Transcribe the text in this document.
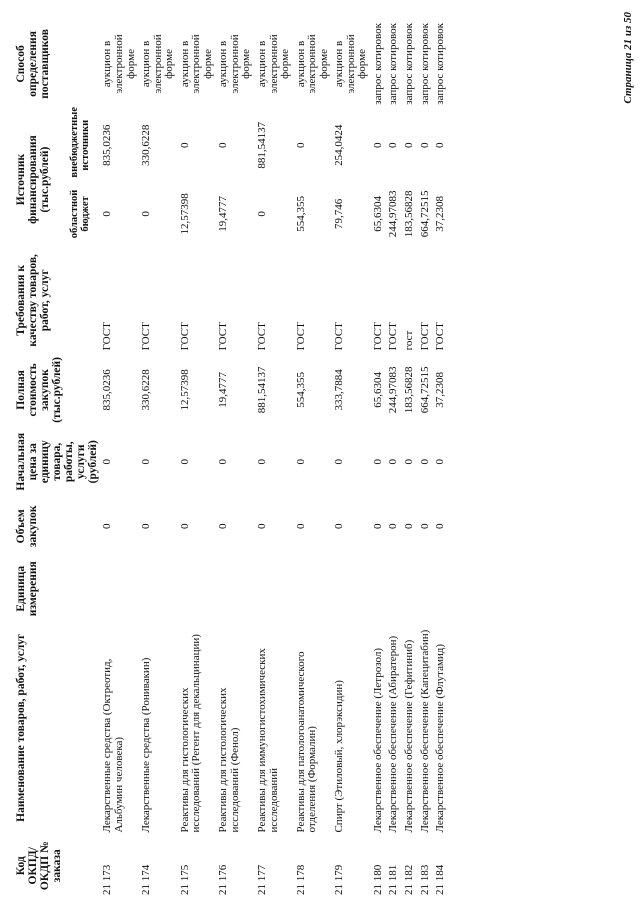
Код ОКПД/ ОКДП № заказа	Наименование товаров, работ, услуг	Единица измерения	Объем закупок	Начальная цена за единицу товара, работы, услуги (рублей)	Полная стоимость закупок (тыс.рублей)	Требования к качеству товаров, работ, услуг	Источник финансирования (тыс.рублей)		Способ определения поставщиков
							областной бюджет	внебюджетные источники	
21 173	Лекарственные средства (Октреотид, Альбумин человека)		0	0	835,0236	ГОСТ	0	835,0236	аукцион в электронной форме
21 174	Лекарственные средства (Ронивакин)		0	0	330,6228	ГОСТ	0	330,6228	аукцион в электронной форме
21 175	Реактивы для гистологических исследований (Регент для декальцинации)		0	0	12,57398	ГОСТ	12,57398	0	аукцион в электронной форме
21 176	Реактивы для гистологических исследований (Фенол)		0	0	19,4777	ГОСТ	19,4777	0	аукцион в электронной форме
21 177	Реактивы для иммуногистохимических исследований		0	0	881,54137	ГОСТ	0	881,54137	аукцион в электронной форме
21 178	Реактивы для патологоанатомического отделения (Формалин)		0	0	554,355	ГОСТ	554,355	0	аукцион в электронной форме
21 179	Спирт (Этиловый, хлорэксидин)		0	0	333,7884	ГОСТ	79,746	254,0424	аукцион в электронной форме
21 180	Лекарственное обеспечение (Летрозол)		0	0	65,6304	ГОСТ	65,6304	0	запрос котировок
21 181	Лекарственное обеспечение (Абиратерон)		0	0	244,97083	ГОСТ	244,97083	0	запрос котировок
21 182	Лекарственное обеспечение (Гефитиниб)		0	0	183,56828	гост	183,56828	0	запрос котировок
21 183	Лекарственное обеспечение (Капецитабин)		0	0	664,72515	ГОСТ	664,72515	0	запрос котировок
21 184	Лекарственное обеспечение (Флутамид)		0	0	37,2308	ГОСТ	37,2308	0	запрос котировок	Страница 21 из 50
